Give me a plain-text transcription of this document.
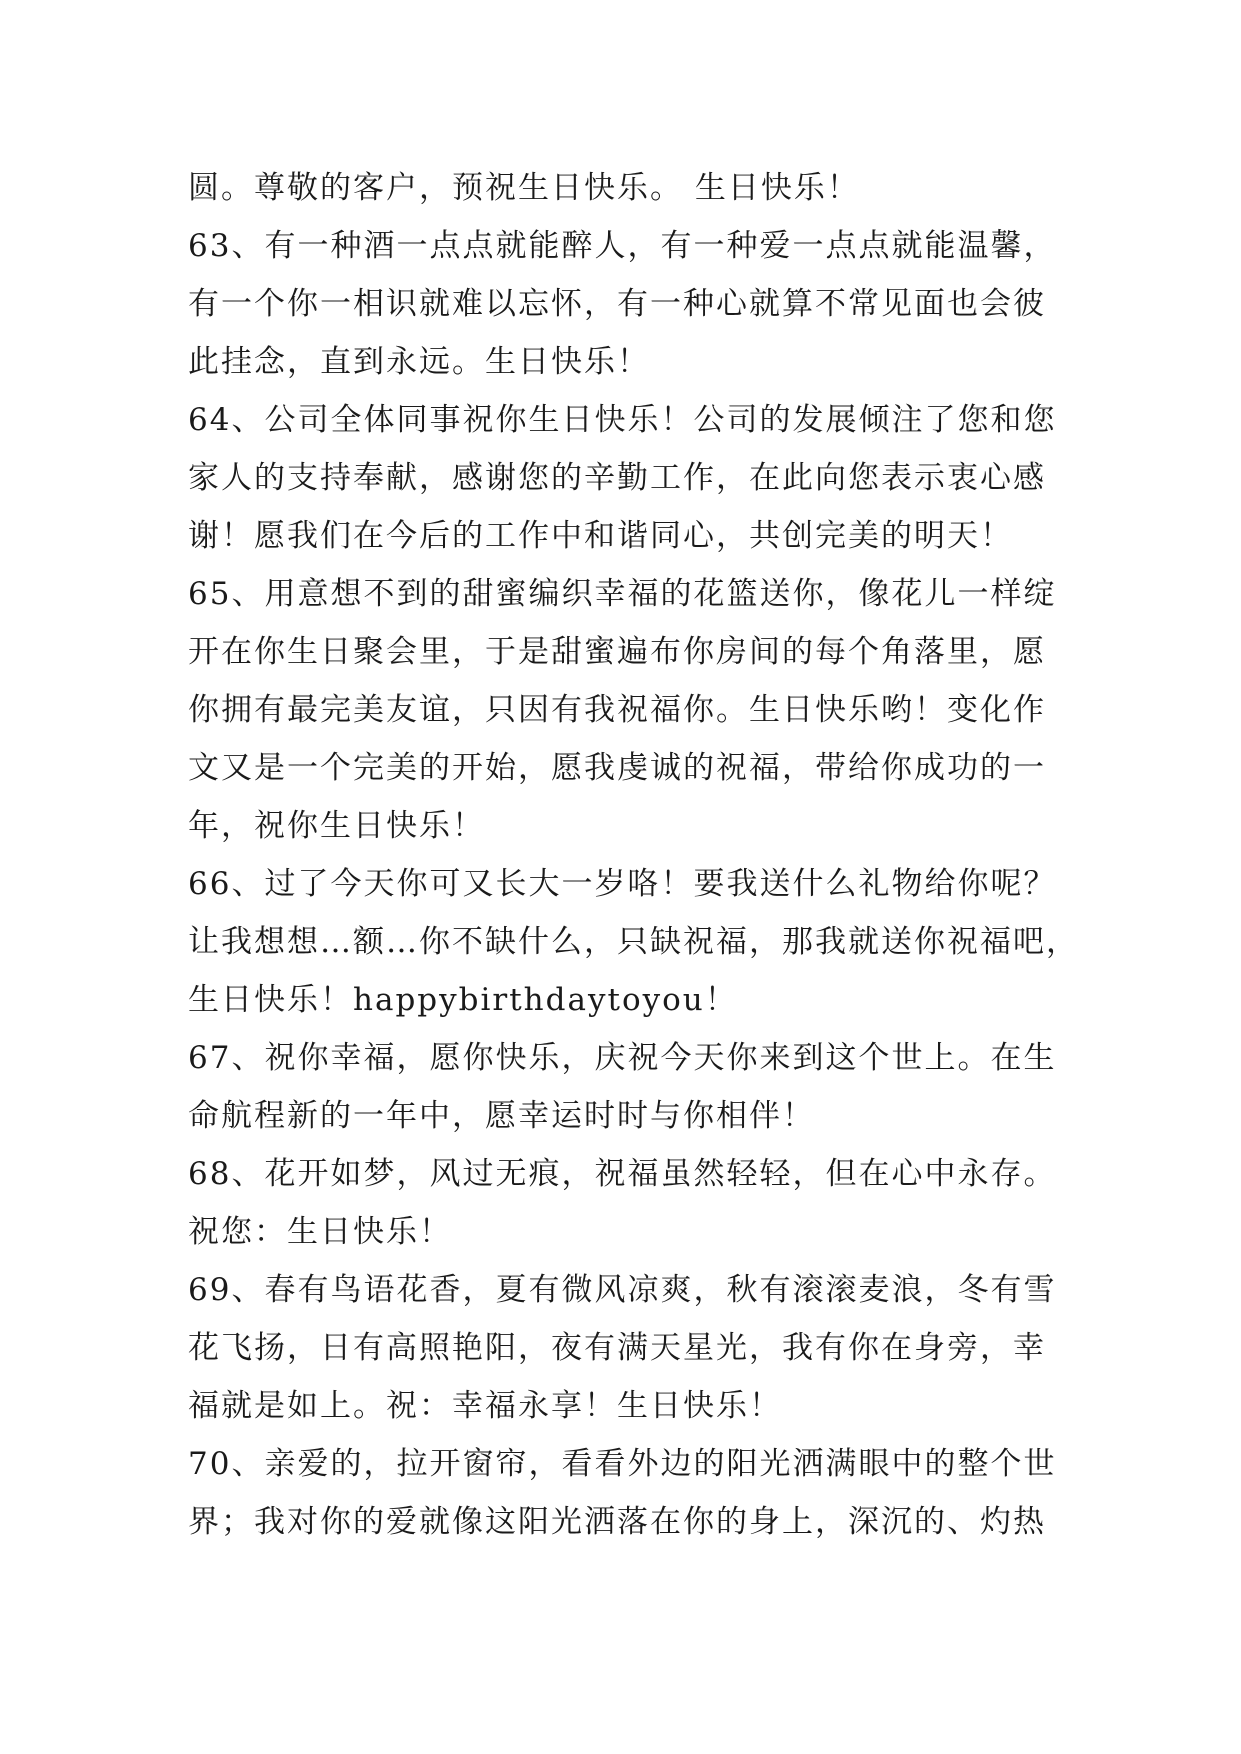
圆。尊敬的客户，预祝生日快乐。 生日快乐！
63、有一种酒一点点就能醉人，有一种爱一点点就能温馨，
有一个你一相识就难以忘怀，有一种心就算不常见面也会彼
此挂念，直到永远。生日快乐！
64、公司全体同事祝你生日快乐！公司的发展倾注了您和您
家人的支持奉献，感谢您的辛勤工作，在此向您表示衷心感
谢！愿我们在今后的工作中和谐同心，共创完美的明天！
65、用意想不到的甜蜜编织幸福的花篮送你，像花儿一样绽
开在你生日聚会里，于是甜蜜遍布你房间的每个角落里，愿
你拥有最完美友谊，只因有我祝福你。生日快乐哟！变化作
文又是一个完美的开始，愿我虔诚的祝福，带给你成功的一
年，祝你生日快乐！
66、过了今天你可又长大一岁咯！要我送什么礼物给你呢？
让我想想…额…你不缺什么，只缺祝福，那我就送你祝福吧，
生日快乐！happybirthdaytoyou！
67、祝你幸福，愿你快乐，庆祝今天你来到这个世上。在生
命航程新的一年中，愿幸运时时与你相伴！
68、花开如梦，风过无痕，祝福虽然轻轻，但在心中永存。
祝您：生日快乐！
69、春有鸟语花香，夏有微风凉爽，秋有滚滚麦浪，冬有雪
花飞扬，日有高照艳阳，夜有满天星光，我有你在身旁，幸
福就是如上。祝：幸福永享！生日快乐！
70、亲爱的，拉开窗帘，看看外边的阳光洒满眼中的整个世
界；我对你的爱就像这阳光洒落在你的身上，深沉的、灼热
